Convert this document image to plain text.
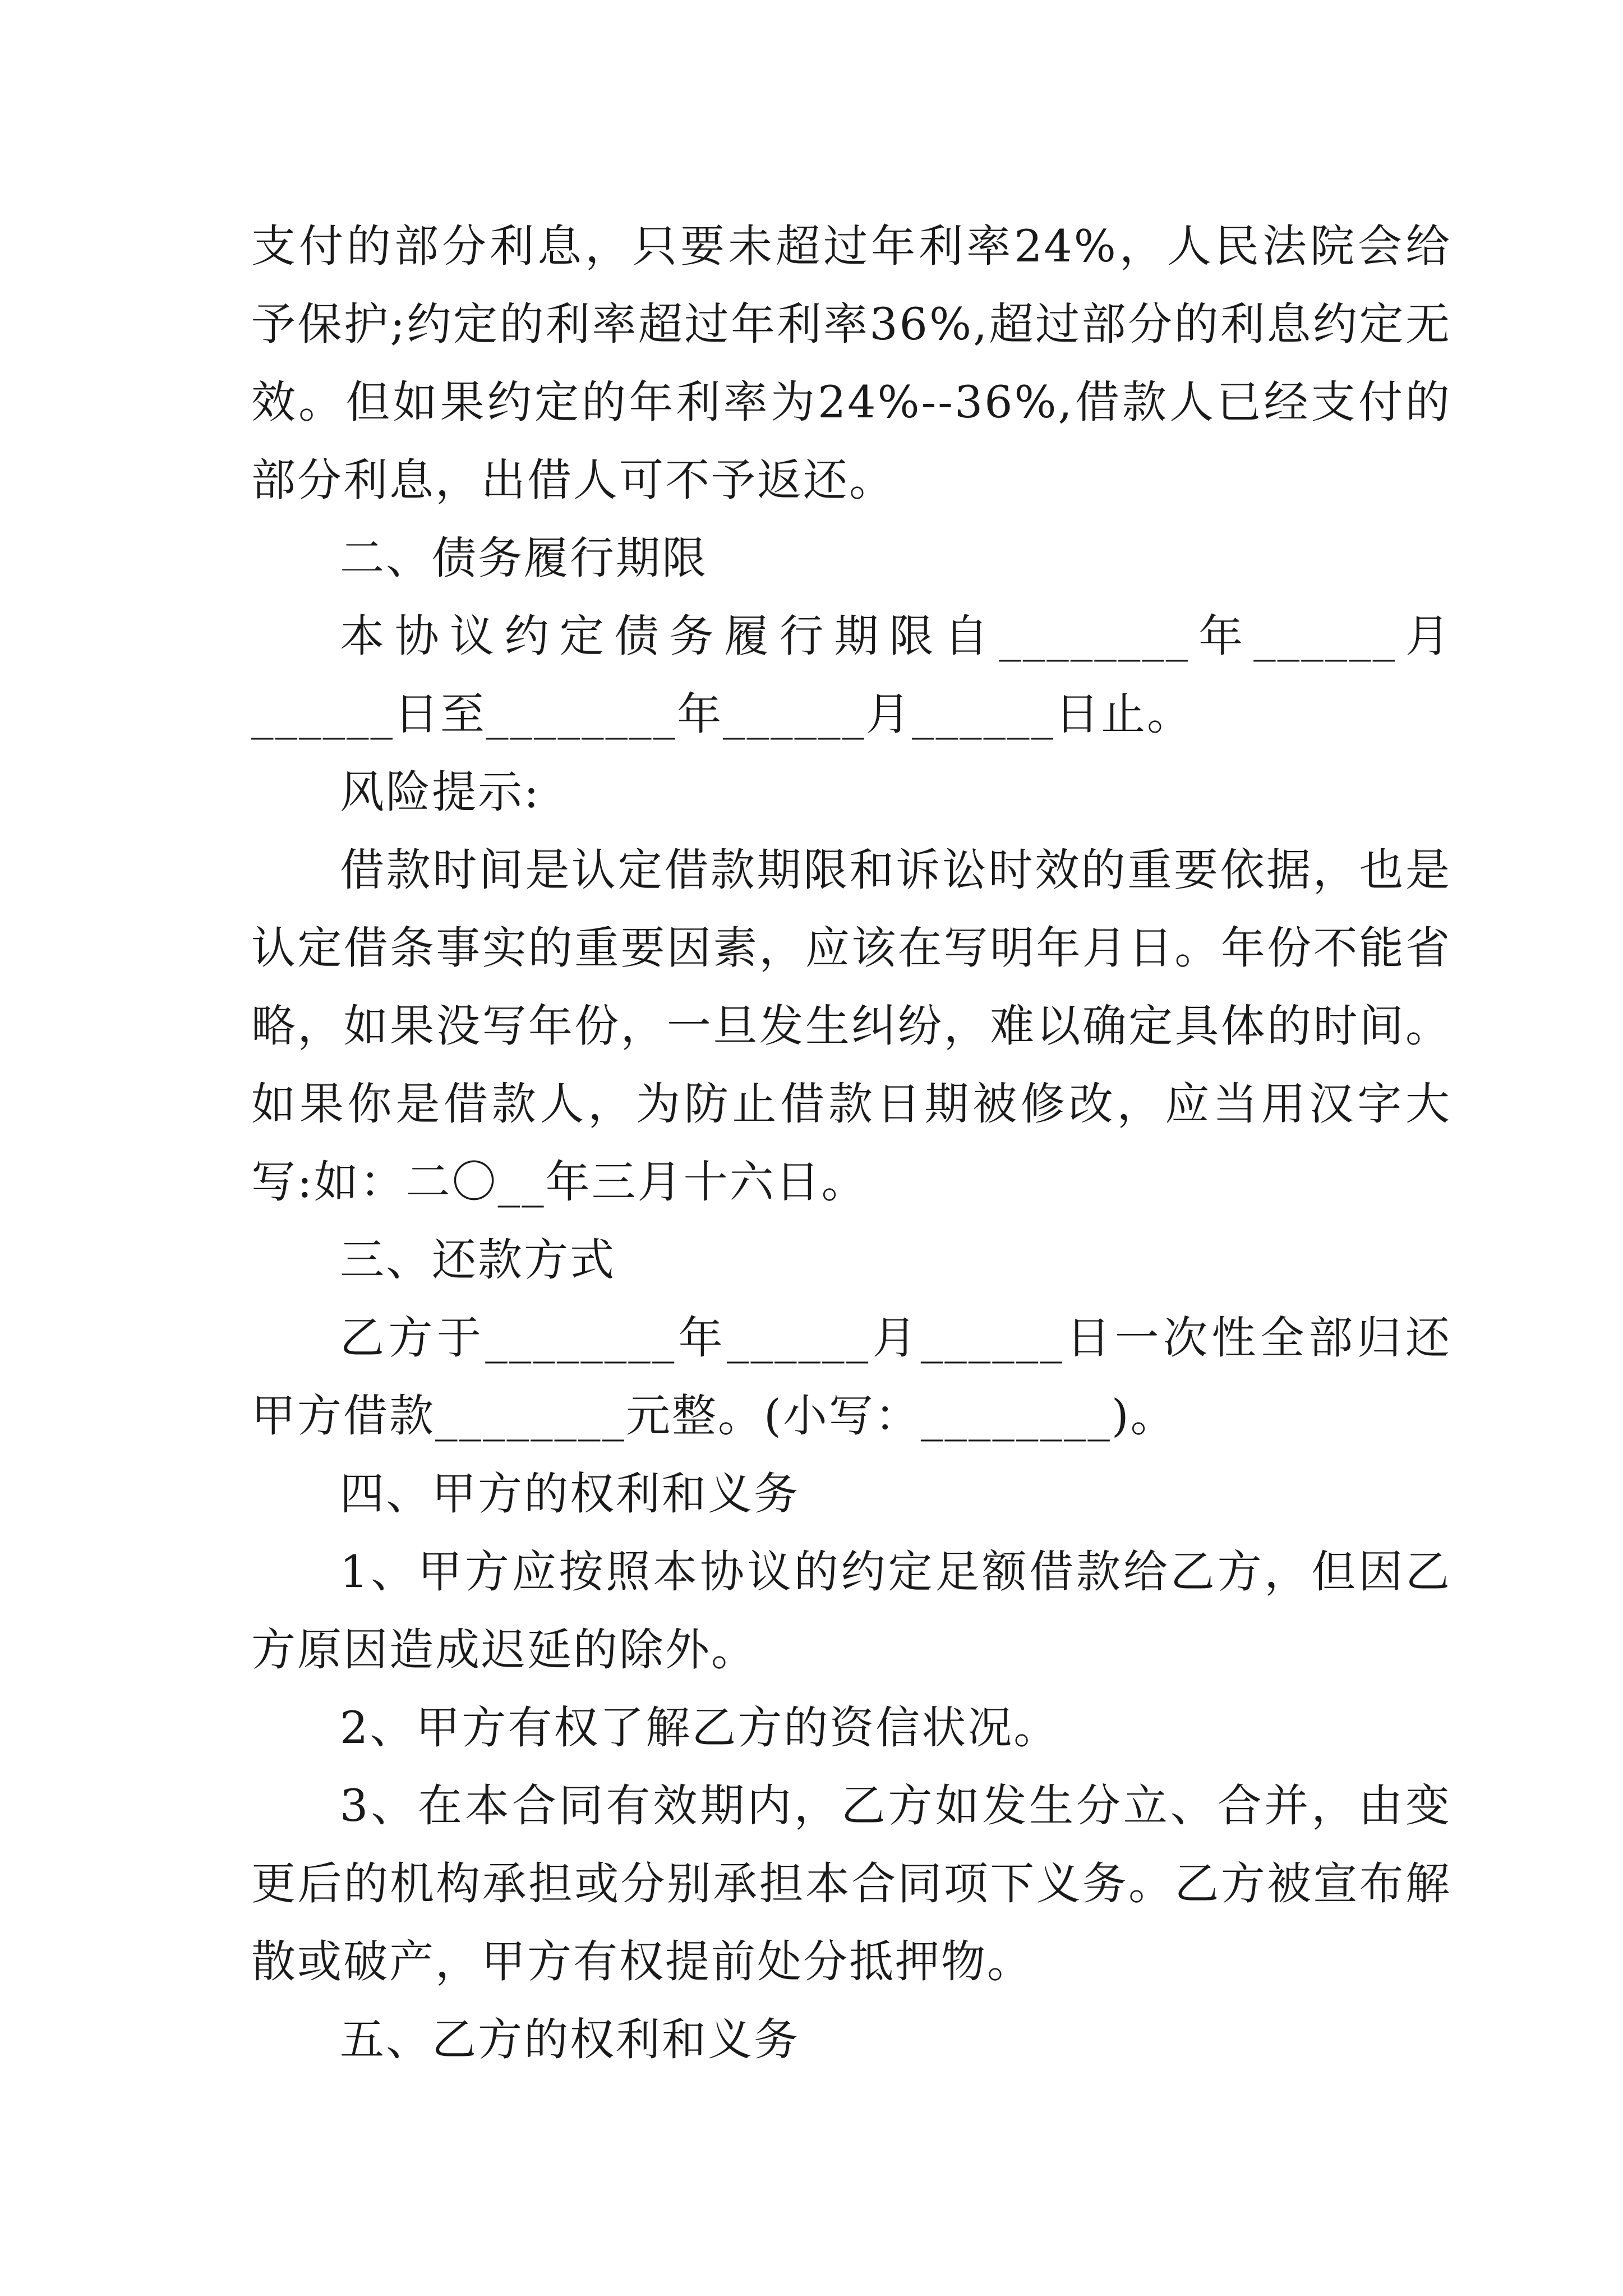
支付的部分利息，只要未超过年利率24%，人民法院会给予保护;约定的利率超过年利率36%,超过部分的利息约定无效。但如果约定的年利率为24%--36%,借款人已经支付的部分利息，出借人可不予返还。

二、债务履行期限

本协议约定债务履行期限自________年______月______日至________年______月______日止。

风险提示:

借款时间是认定借款期限和诉讼时效的重要依据，也是认定借条事实的重要因素，应该在写明年月日。年份不能省略，如果没写年份，一旦发生纠纷，难以确定具体的时间。如果你是借款人，为防止借款日期被修改，应当用汉字大写:如：二〇__年三月十六日。

三、还款方式

乙方于________年______月______日一次性全部归还甲方借款________元整。(小写：________)。

四、甲方的权利和义务

1、甲方应按照本协议的约定足额借款给乙方，但因乙方原因造成迟延的除外。

2、甲方有权了解乙方的资信状况。

3、在本合同有效期内，乙方如发生分立、合并，由变更后的机构承担或分别承担本合同项下义务。乙方被宣布解散或破产，甲方有权提前处分抵押物。

五、乙方的权利和义务
